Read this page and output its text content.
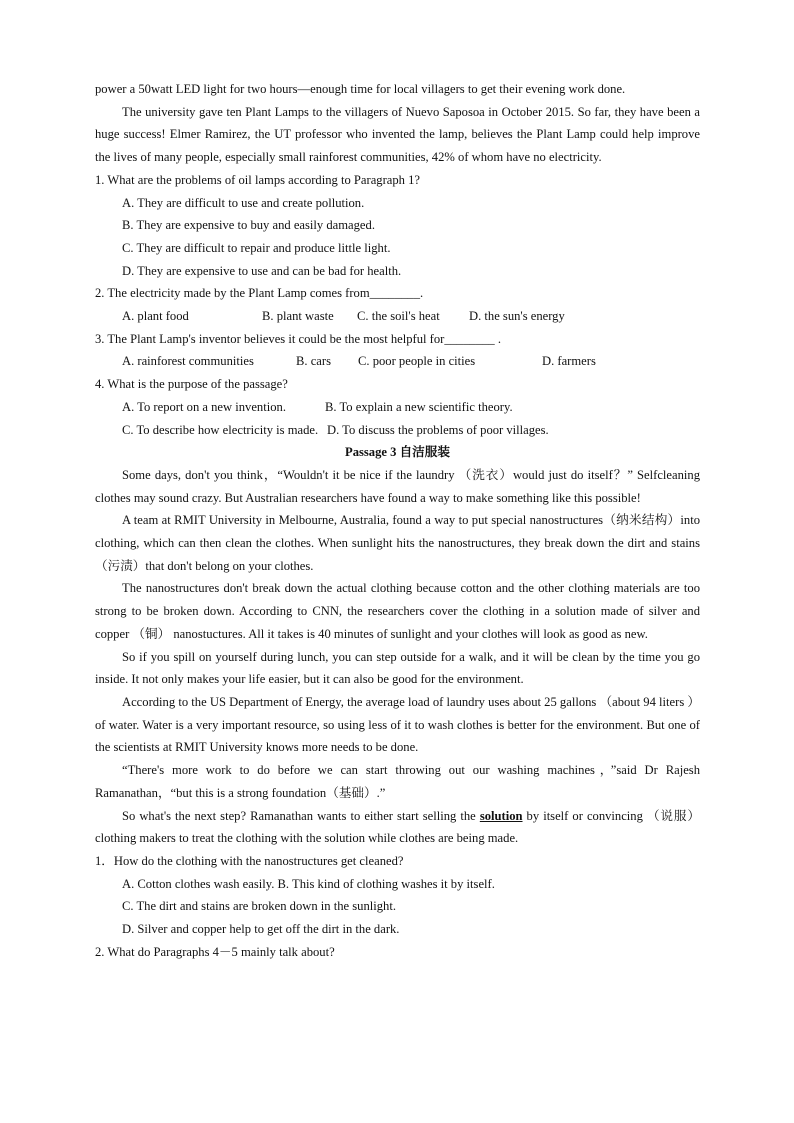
power a 50watt LED light for two hours—enough time for local villagers to get their evening work done.

The university gave ten Plant Lamps to the villagers of Nuevo Saposoa in October 2015. So far, they have been a huge success! Elmer Ramirez, the UT professor who invented the lamp, believes the Plant Lamp could help improve the lives of many people, especially small rainforest communities, 42% of whom have no electricity.

1. What are the problems of oil lamps according to Paragraph 1?

A. They are difficult to use and create pollution.

B. They are expensive to buy and easily damaged.

C. They are difficult to repair and produce little light.

D. They are expensive to use and can be bad for health.

2. The electricity made by the Plant Lamp comes from________.

A. plant food	B. plant waste	C. the soil's heat	D. the sun's energy

3. The Plant Lamp's inventor believes it could be the most helpful for________ .

A. rainforest communities	B. cars	C. poor people in cities	D. farmers

4. What is the purpose of the passage?

A. To report on a new invention.	B. To explain a new scientific theory.
C. To describe how electricity is made. D. To discuss the problems of poor villages.

Passage 3 自洁服装

Some days, don't you think，“Wouldn't it be nice if the laundry （洗衣）would just do itself？” Selfcleaning clothes may sound crazy. But Australian researchers have found a way to make something like this possible!

A team at RMIT University in Melbourne, Australia, found a way to put special nanostructures（纳米结构）into clothing, which can then clean the clothes. When sunlight hits the nanostructures, they break down the dirt and stains（污渍）that don't belong on your clothes.

The nanostructures don't break down the actual clothing because cotton and the other clothing materials are too strong to be broken down. According to CNN, the researchers cover the clothing in a solution made of silver and copper （铜） nanostuctures. All it takes is 40 minutes of sunlight and your clothes will look as good as new.

So if you spill on yourself during lunch, you can step outside for a walk, and it will be clean by the time you go inside. It not only makes your life easier, but it can also be good for the environment.

According to the US Department of Energy, the average load of laundry uses about 25 gallons （about 94 liters ）of water. Water is a very important resource, so using less of it to wash clothes is better for the environment. But one of the scientists at RMIT University knows more needs to be done.

“There's more work to do before we can start throwing out our washing machines，”said Dr Rajesh Ramanathan，“but this is a strong foundation（基础）.”

So what's the next step? Ramanathan wants to either start selling the solution by itself or convincing （说服） clothing makers to treat the clothing with the solution while clothes are being made.

1．How do the clothing with the nanostructures get cleaned?

A. Cotton clothes wash easily. B. This kind of clothing washes it by itself.

C. The dirt and stains are broken down in the sunlight.

D. Silver and copper help to get off the dirt in the dark.

2. What do Paragraphs 4－5 mainly talk about?
